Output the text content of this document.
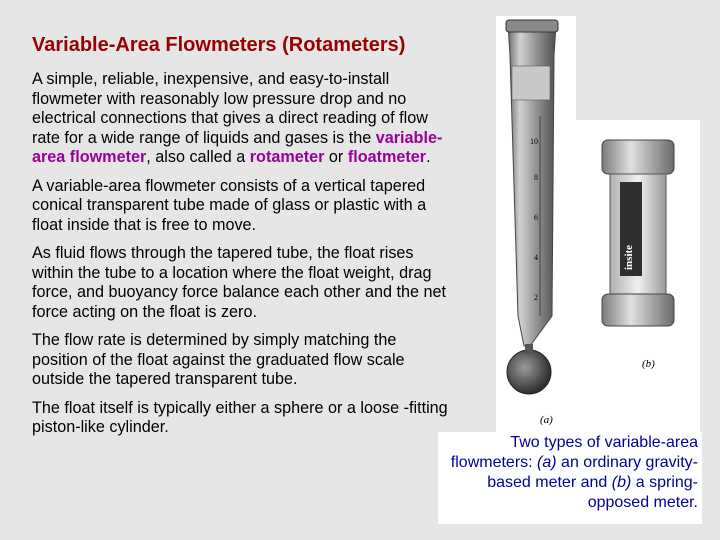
Variable-Area Flowmeters (Rotameters)

A simple, reliable, inexpensive, and easy-to-install flowmeter with reasonably low pressure drop and no electrical connections that gives a direct reading of flow rate for a wide range of liquids and gases is the variable-area flowmeter, also called a rotameter or floatmeter.

A variable-area flowmeter consists of a vertical tapered conical transparent tube made of glass or plastic with a float inside that is free to move.

As fluid flows through the tapered tube, the float rises within the tube to a location where the float weight, drag force, and buoyancy force balance each other and the net force acting on the float is zero.

The flow rate is determined by simply matching the position of the float against the graduated flow scale outside the tapered transparent tube.

The float itself is typically either a sphere or a loose -fitting piston-like cylinder.

10
8
6
4
2
(a)
insite
(b)
Two types of variable-area flowmeters: (a) an ordinary gravity-based meter and (b) a spring-opposed meter.
